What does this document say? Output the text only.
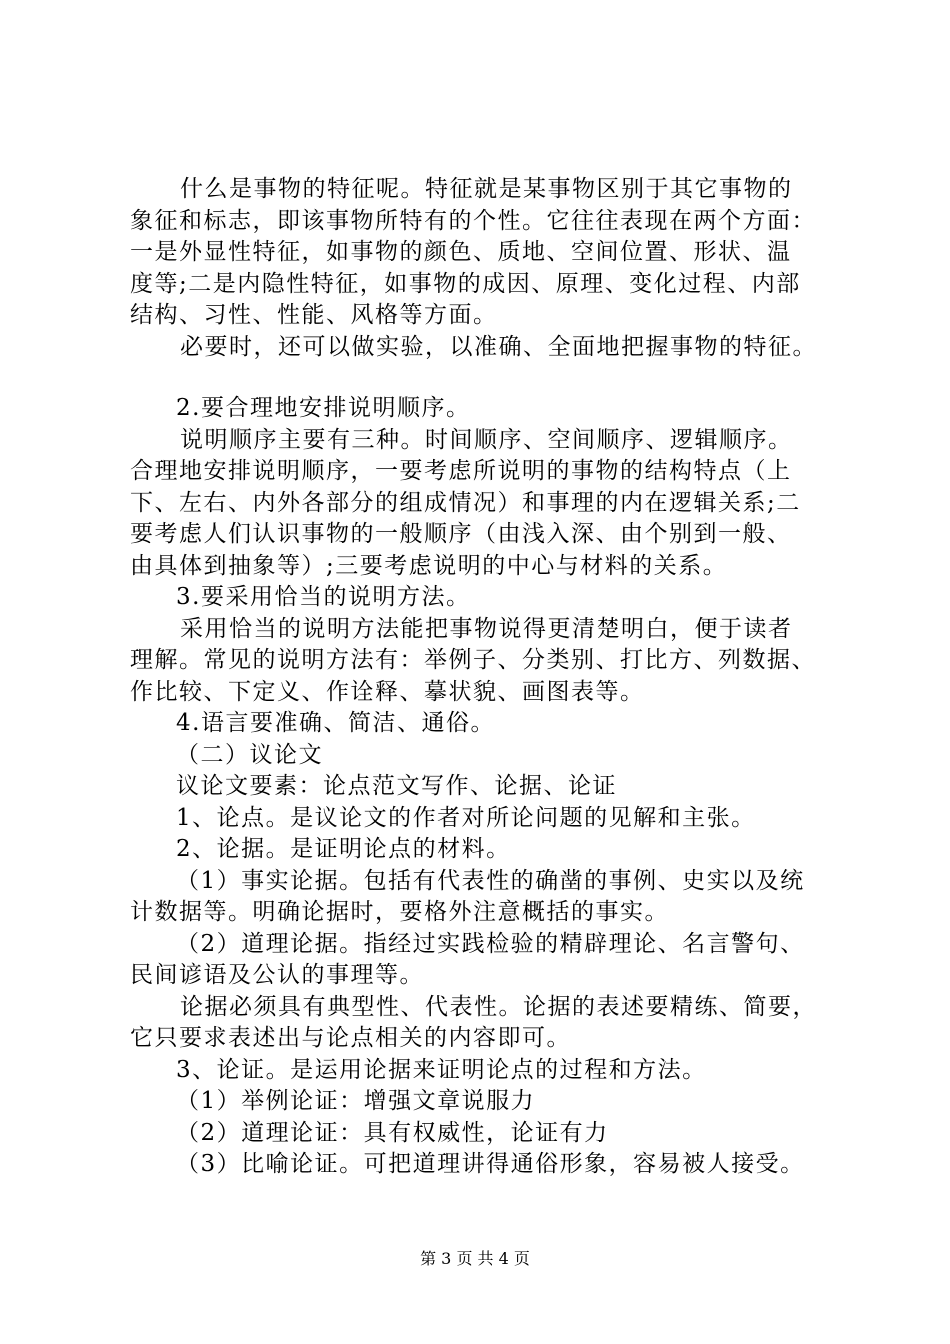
什么是事物的特征呢。特征就是某事物区别于其它事物的
象征和标志，即该事物所特有的个性。它往往表现在两个方面：
一是外显性特征，如事物的颜色、质地、空间位置、形状、温
度等;二是内隐性特征，如事物的成因、原理、变化过程、内部
结构、习性、性能、风格等方面。
必要时，还可以做实验，以准确、全面地把握事物的特征。
2.要合理地安排说明顺序。
说明顺序主要有三种。时间顺序、空间顺序、逻辑顺序。
合理地安排说明顺序，一要考虑所说明的事物的结构特点（上
下、左右、内外各部分的组成情况）和事理的内在逻辑关系;二
要考虑人们认识事物的一般顺序（由浅入深、由个别到一般、
由具体到抽象等）;三要考虑说明的中心与材料的关系。
3.要采用恰当的说明方法。
采用恰当的说明方法能把事物说得更清楚明白，便于读者
理解。常见的说明方法有：举例子、分类别、打比方、列数据、
作比较、下定义、作诠释、摹状貌、画图表等。
4.语言要准确、简洁、通俗。
（二）议论文
议论文要素：论点范文写作、论据、论证
1、论点。是议论文的作者对所论问题的见解和主张。
2、论据。是证明论点的材料。
（1）事实论据。包括有代表性的确凿的事例、史实以及统
计数据等。明确论据时，要格外注意概括的事实。
（2）道理论据。指经过实践检验的精辟理论、名言警句、
民间谚语及公认的事理等。
论据必须具有典型性、代表性。论据的表述要精练、简要，
它只要求表述出与论点相关的内容即可。
3、论证。是运用论据来证明论点的过程和方法。
（1）举例论证：增强文章说服力
（2）道理论证：具有权威性，论证有力
（3）比喻论证。可把道理讲得通俗形象，容易被人接受。
第 3 页 共 4 页
